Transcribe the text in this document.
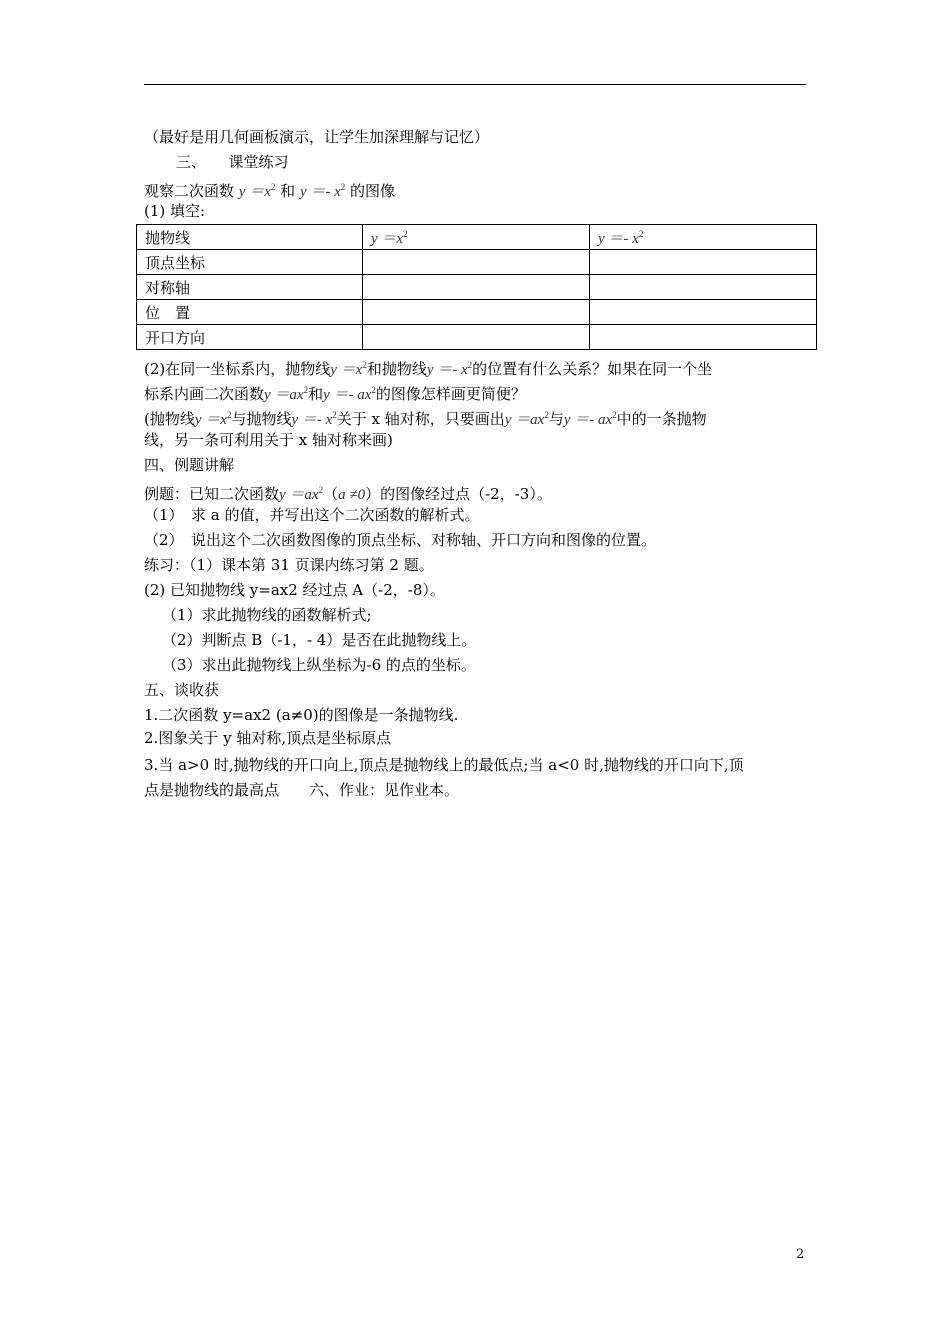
（最好是用几何画板演示，让学生加深理解与记忆）
三、　　课堂练习
观察二次函数 $y =x^2$ 和 $y =- x^2$ 的图像
(1) 填空:
抛物线	$y =x^2$	$y =- x^2$
顶点坐标		
对称轴		
位　置		
开口方向		
(2)在同一坐标系内，抛物线$y =x^2$和抛物线$y =- x^2$的位置有什么关系？如果在同一个坐
标系内画二次函数$y =ax^2$和$y =- ax^2$的图像怎样画更简便？
(抛物线$y =x^2$与抛物线$y =- x^2$关于 x 轴对称，只要画出$y =ax^2$与$y =- ax^2$中的一条抛物
线，另一条可利用关于 x 轴对称来画)
四、例题讲解
例题：已知二次函数$y =ax^2(a \ne 0)$的图像经过点（-2，-3）。
（1）　求 a 的值，并写出这个二次函数的解析式。
（2）　说出这个二次函数图像的顶点坐标、对称轴、开口方向和图像的位置。
练习：（1）课本第 31 页课内练习第 2 题。
(2) 已知抛物线 y=ax2 经过点 A（-2，-8）。
（1）求此抛物线的函数解析式;
（2）判断点 B（-1，- 4）是否在此抛物线上。
（3）求出此抛物线上纵坐标为-6 的点的坐标。
五、谈收获
1.二次函数 y=ax2 (a≠0)的图像是一条抛物线.
2.图象关于 y 轴对称,顶点是坐标原点
3.当 a>0 时,抛物线的开口向上,顶点是抛物线上的最低点;当 a<0 时,抛物线的开口向下,顶
点是抛物线的最高点　　六、作业：见作业本。
2
